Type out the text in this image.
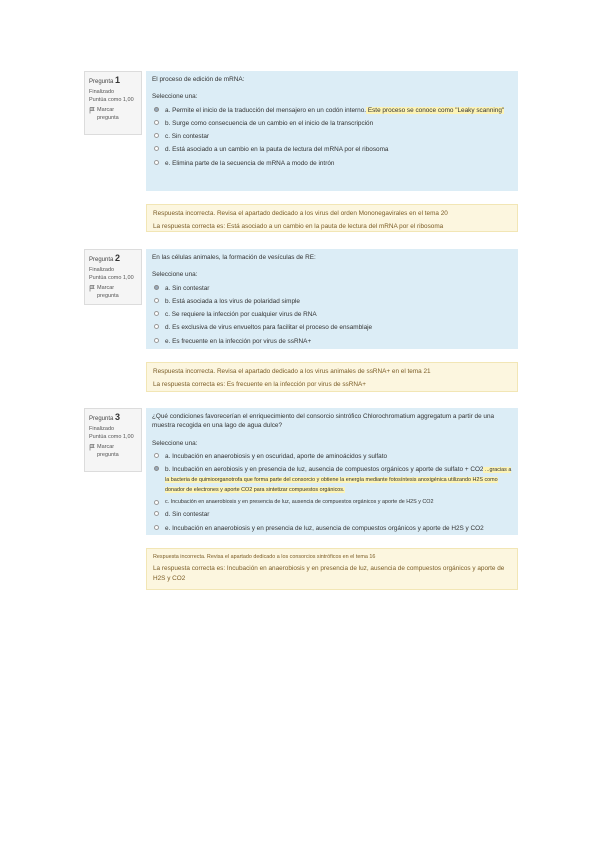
Pregunta 1
Finalizado
Puntúa como 1,00
Marcar pregunta

El proceso de edición de mRNA:

Seleccione una:
a. Permite el inicio de la traducción del mensajero en un codón interno. Este proceso se conoce como "Leaky scanning"
b. Surge como consecuencia de un cambio en el inicio de la transcripción
c. Sin contestar
d. Está asociado a un cambio en la pauta de lectura del mRNA por el ribosoma
e. Elimina parte de la secuencia de mRNA a modo de intrón

Respuesta incorrecta. Revisa el apartado dedicado a los virus del orden Mononegavirales en el tema 20

La respuesta correcta es: Está asociado a un cambio en la pauta de lectura del mRNA por el ribosoma

Pregunta 2
Finalizado
Puntúa como 1,00
Marcar pregunta

En las células animales, la formación de vesículas de RE:

Seleccione una:
a. Sin contestar
b. Está asociada a los virus de polaridad simple
c. Se requiere la infección por cualquier virus de RNA
d. Es exclusiva de virus envueltos para facilitar el proceso de ensamblaje
e. Es frecuente en la infección por virus de ssRNA+

Respuesta incorrecta. Revisa el apartado dedicado a los virus animales de ssRNA+ en el tema 21

La respuesta correcta es: Es frecuente en la infección por virus de ssRNA+

Pregunta 3
Finalizado
Puntúa como 1,00
Marcar pregunta

¿Qué condiciones favorecerían el enriquecimiento del consorcio sintrófico Chlorochromatium aggregatum a partir de una muestra recogida en una lago de agua dulce?

Seleccione una:
a. Incubación en anaerobiosis y en oscuridad, aporte de aminoácidos y sulfato
b. Incubación en aerobiosis y en presencia de luz, ausencia de compuestos orgánicos y aporte de sulfato + CO2 ...gracias a la bacteria de quimioorganotrofa que forma parte del consorcio y obtiene la energía mediante fotosíntesis anoxigénica utilizando H2S como donador de electrones y aporte CO2 para sintetizar compuestos orgánicos.
c. Incubación en anaerobiosis y en presencia de luz, ausencia de compuestos orgánicos y aporte de H2S y CO2
d. Sin contestar
e. Incubación en anaerobiosis y en presencia de luz, ausencia de compuestos orgánicos y aporte de H2S y CO2

Respuesta incorrecta. Revisa el apartado dedicado a los consorcios sintróficos en el tema 16

La respuesta correcta es: Incubación en anaerobiosis y en presencia de luz, ausencia de compuestos orgánicos y aporte de H2S y CO2
